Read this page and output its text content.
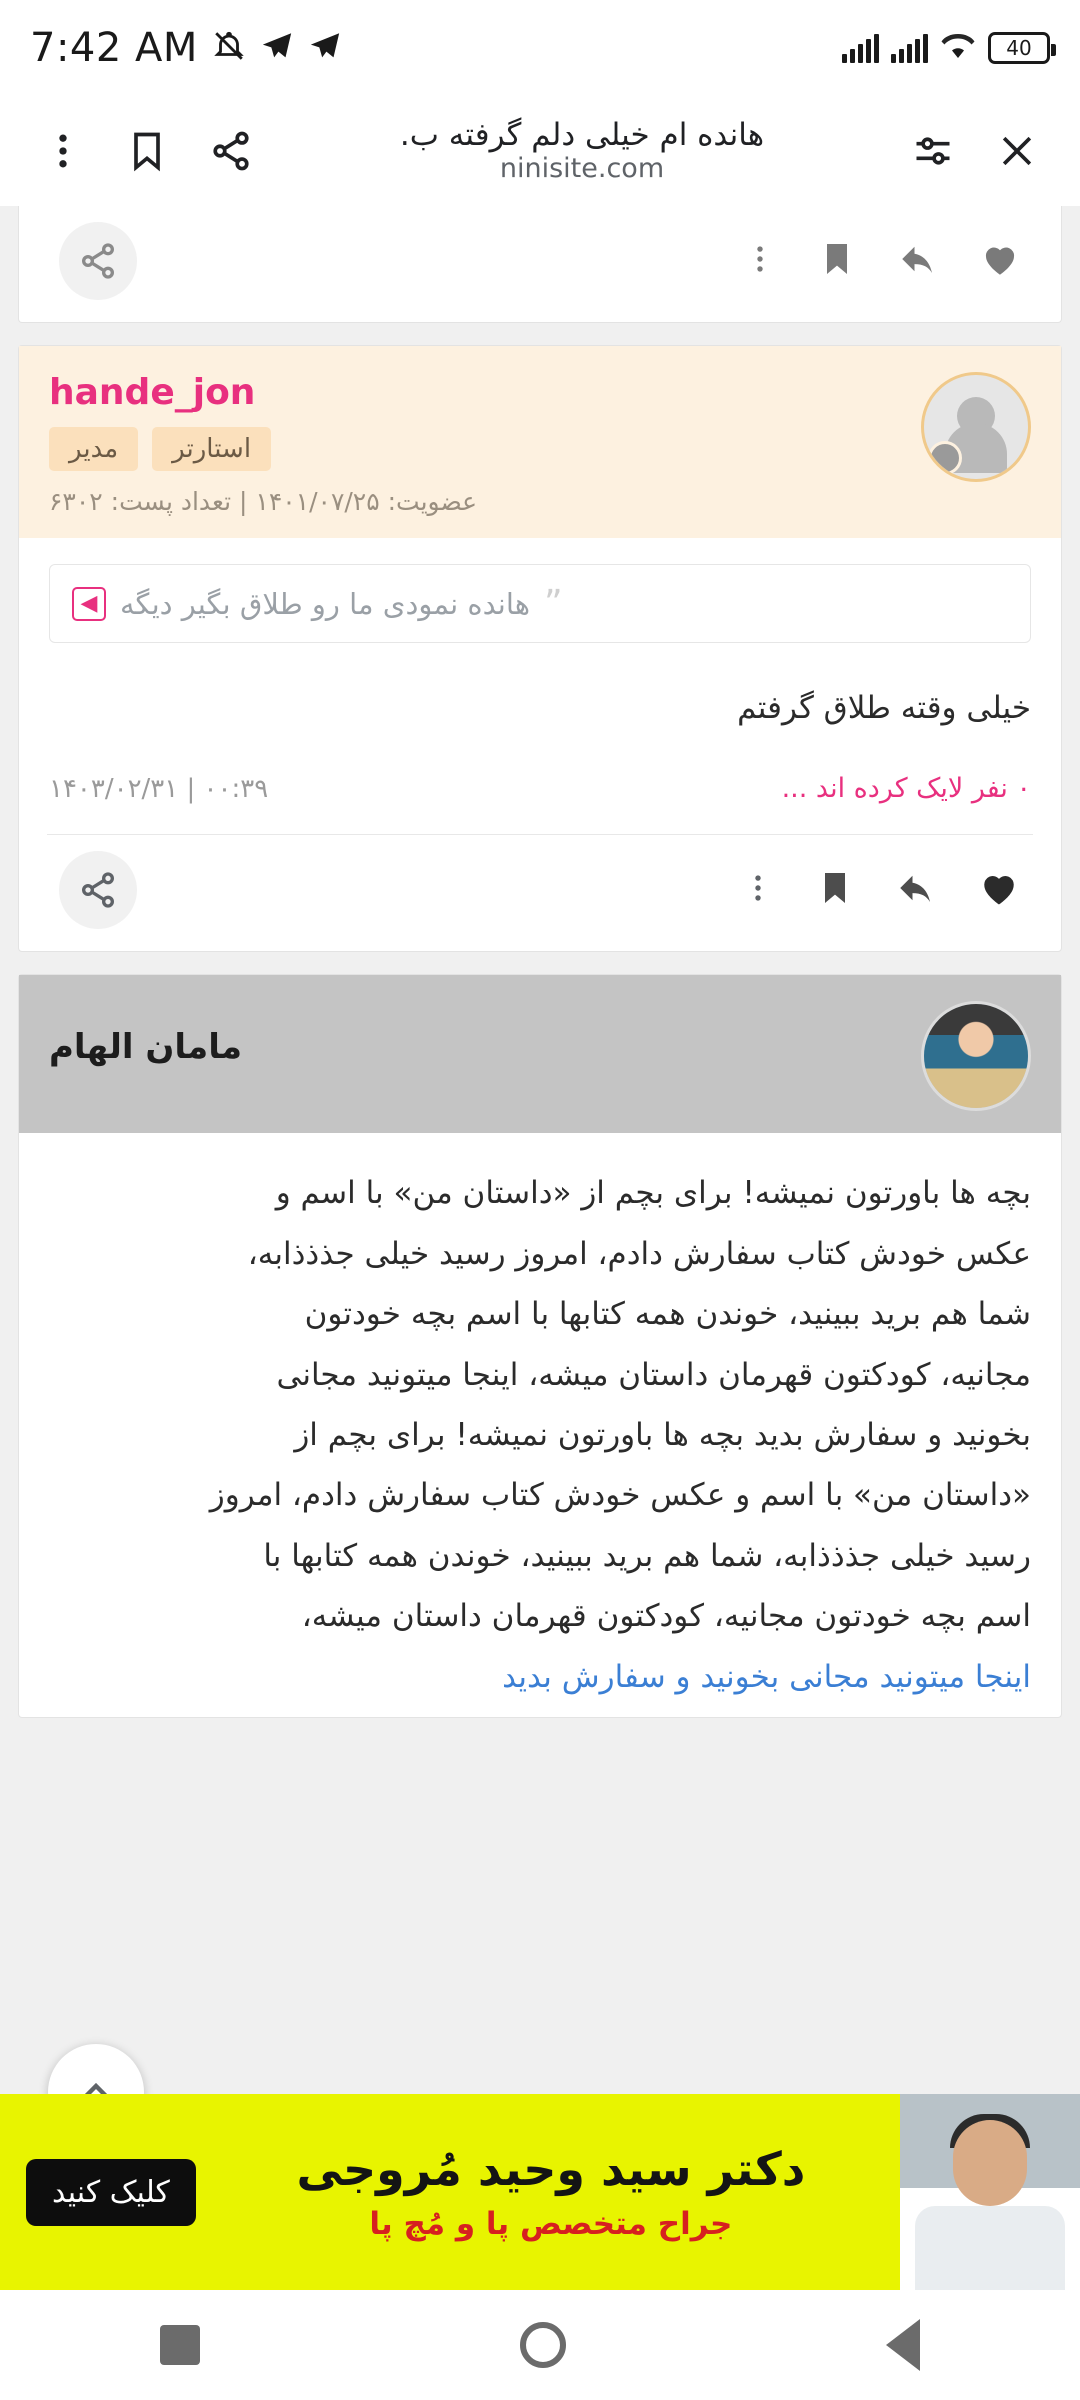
7:42 AM	40
هانده ام خیلی دلم گرفته ب.
ninisite.com
hande_jon
مدیر	استارتر
عضویت: ۱۴۰۱/۰۷/۲۵ | تعداد پست: ۶۳۰۲
”
هانده نمودی ما رو طلاق بگیر دیگه
◀
خیلی وقته طلاق گرفتم
۰ نفر لایک کرده اند ...
۰۰:۳۹ | ۱۴۰۳/۰۲/۳۱
مامان الهام
بچه ها باورتون نمیشه! برای بچم از «داستان من» با اسم و
عکس خودش کتاب سفارش دادم، امروز رسید خیلی جذذذابه،
شما هم برید ببینید، خوندن همه کتابها با اسم بچه خودتون
مجانیه، کودکتون قهرمان داستان میشه، اینجا میتونید مجانی
بخونید و سفارش بدید بچه ها باورتون نمیشه! برای بچم از
«داستان من» با اسم و عکس خودش کتاب سفارش دادم، امروز
رسید خیلی جذذذابه، شما هم برید ببینید، خوندن همه کتابها با
اسم بچه خودتون مجانیه، کودکتون قهرمان داستان میشه،
اینجا میتونید مجانی بخونید و سفارش بدید
دکتر سید وحید مُروجی
جراح متخصص پا و مُچ پا
کلیک کنید
